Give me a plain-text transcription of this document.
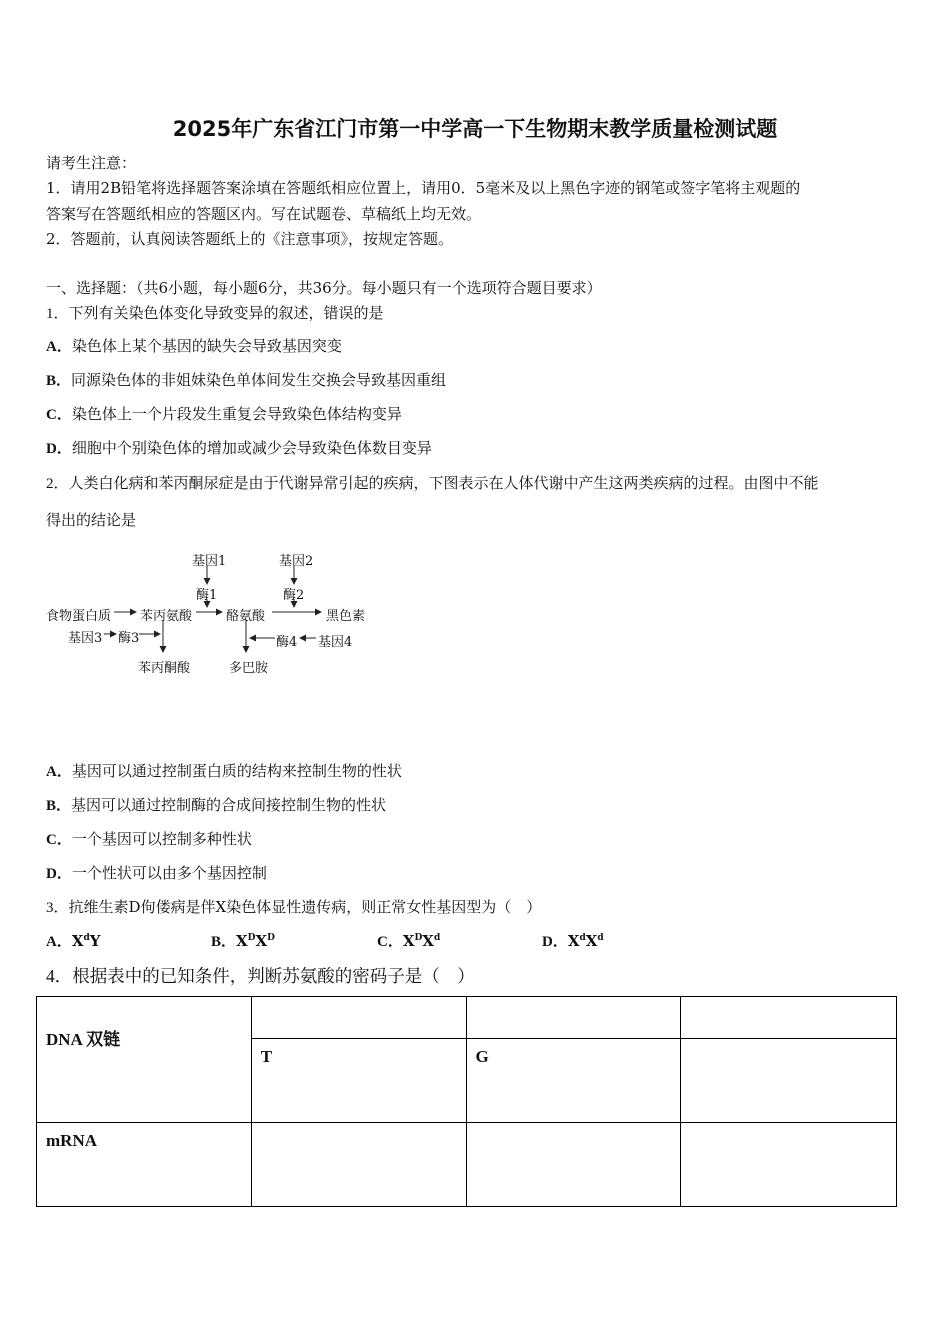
2025年广东省江门市第一中学高一下生物期末教学质量检测试题
请考生注意：
1．请用2B铅笔将选择题答案涂填在答题纸相应位置上，请用0．5毫米及以上黑色字迹的钢笔或签字笔将主观题的
答案写在答题纸相应的答题区内。写在试题卷、草稿纸上均无效。
2．答题前，认真阅读答题纸上的《注意事项》，按规定答题。
一、选择题：（共6小题，每小题6分，共36分。每小题只有一个选项符合题目要求）
1．下列有关染色体变化导致变异的叙述，错误的是
A．染色体上某个基因的缺失会导致基因突变
B．同源染色体的非姐妹染色单体间发生交换会导致基因重组
C．染色体上一个片段发生重复会导致染色体结构变异
D．细胞中个别染色体的增加或减少会导致染色体数目变异
2．人类白化病和苯丙酮尿症是由于代谢异常引起的疾病，下图表示在人体代谢中产生这两类疾病的过程。由图中不能
得出的结论是
基因1	基因2
酶1	酶2
食物蛋白质 苯丙氨酸	酪氨酸	黑色素
基因3 酶3	酶4 基因4
苯丙酮酸	多巴胺
A．基因可以通过控制蛋白质的结构来控制生物的性状
B．基因可以通过控制酶的合成间接控制生物的性状
C．一个基因可以控制多种性状
D．一个性状可以由多个基因控制
3．抗维生素D佝偻病是伴X染色体显性遗传病，则正常女性基因型为（　）
A．$X^dY$	B．$X^DX^D$	C．$X^DX^d$	D．$X^dX^d$
4．根据表中的已知条件，判断苏氨酸的密码子是（　）
DNA 双链			
	T	G	
mRNA			
